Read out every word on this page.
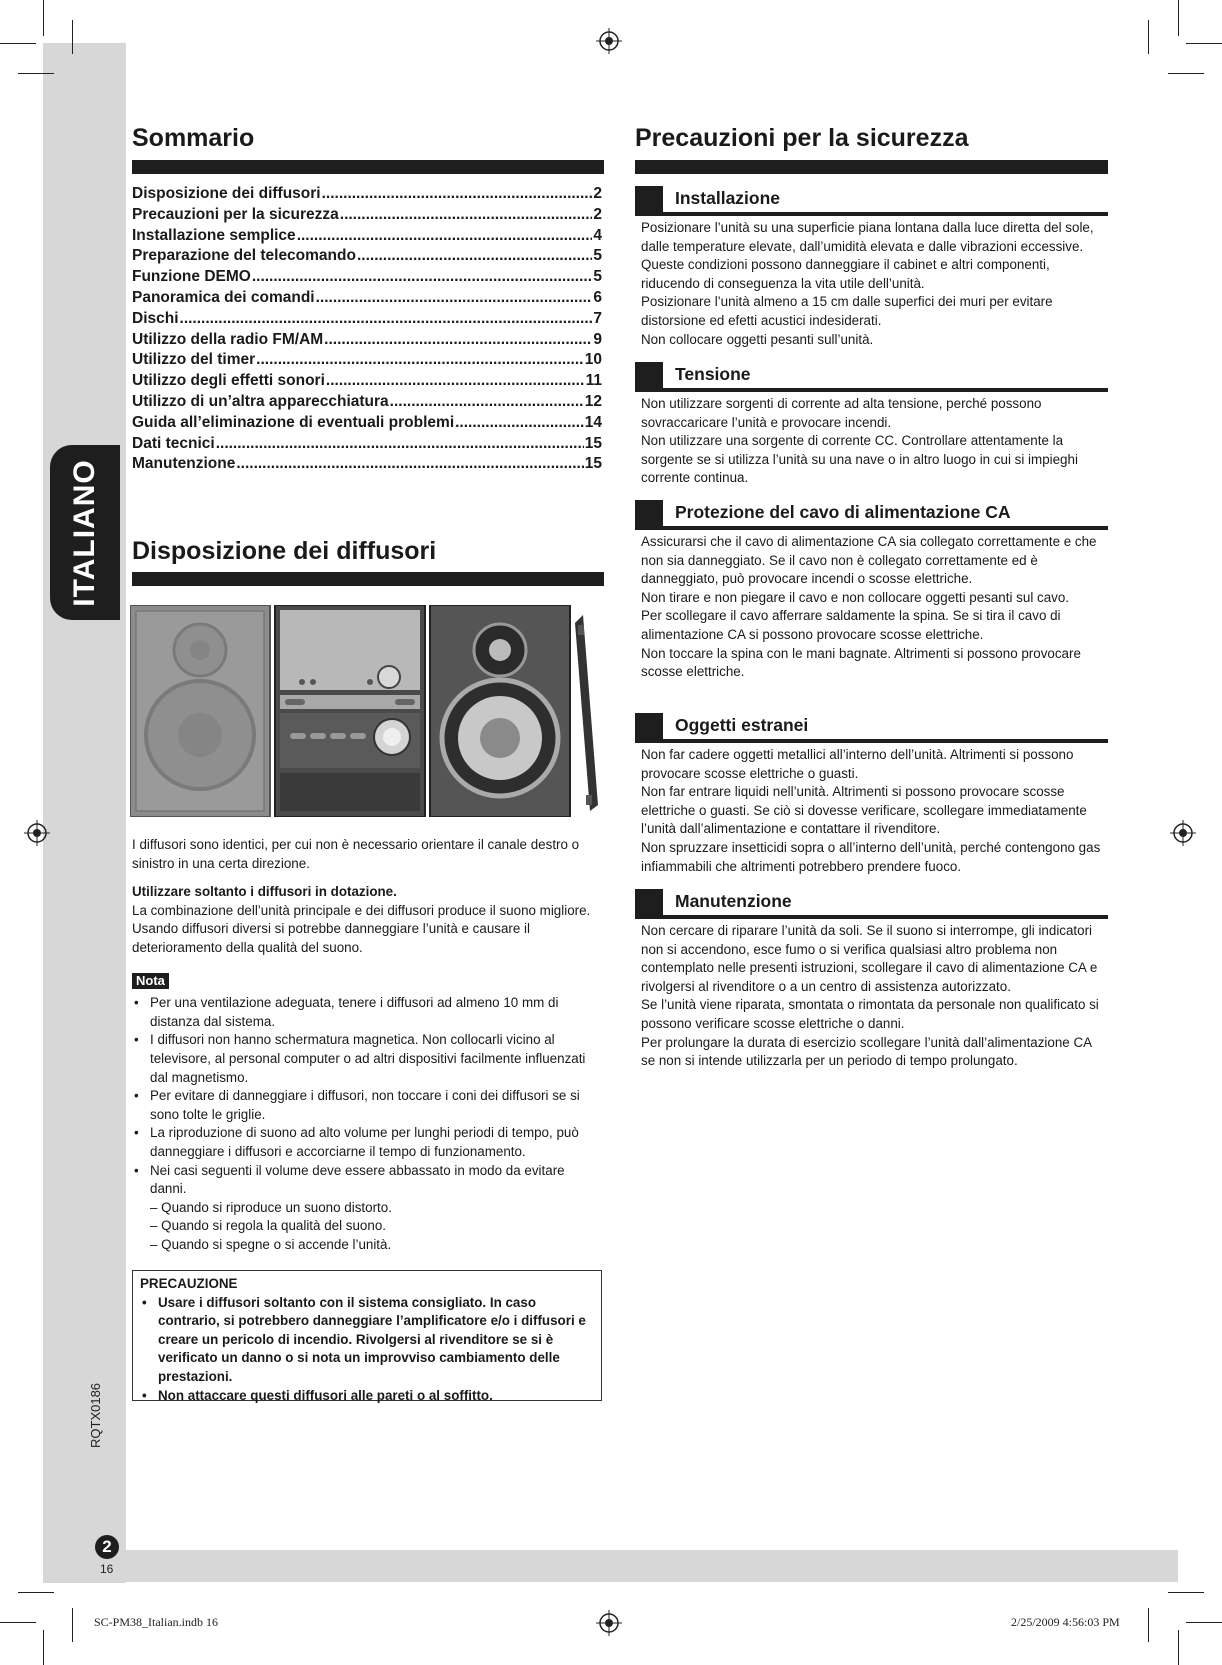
ITALIANO
RQTX0186
2
16
Sommario
Disposizione dei diffusori .....	2
Precauzioni per la sicurezza .....	2
Installazione semplice .....	4
Preparazione del telecomando .....	5
Funzione DEMO .....	5
Panoramica dei comandi .....	6
Dischi .....	7
Utilizzo della radio FM/AM .....	9
Utilizzo del timer .....	10
Utilizzo degli effetti sonori .....	11
Utilizzo di un’altra apparecchiatura .....	12
Guida all’eliminazione di eventuali problemi .....	14
Dati tecnici .....	15
Manutenzione .....	15
Disposizione dei diffusori

I diffusori sono identici, per cui non è necessario orientare il canale destro o sinistro in una certa direzione.

Utilizzare soltanto i diffusori in dotazione.

La combinazione dell’unità principale e dei diffusori produce il suono migliore. Usando diffusori diversi si potrebbe danneggiare l’unità e causare il deterioramento della qualità del suono.

Nota

• Per una ventilazione adeguata, tenere i diffusori ad almeno 10 mm di distanza dal sistema.
• I diffusori non hanno schermatura magnetica. Non collocarli vicino al televisore, al personal computer o ad altri dispositivi facilmente influenzati dal magnetismo.
• Per evitare di danneggiare i diffusori, non toccare i coni dei diffusori se si sono tolte le griglie.
• La riproduzione di suono ad alto volume per lunghi periodi di tempo, può danneggiare i diffusori e accorciarne il tempo di funzionamento.
• Nei casi seguenti il volume deve essere abbassato in modo da evitare danni.
– Quando si riproduce un suono distorto.
– Quando si regola la qualità del suono.
– Quando si spegne o si accende l’unità.
PRECAUZIONE
• Usare i diffusori soltanto con il sistema consigliato. In caso contrario, si potrebbero danneggiare l’amplificatore e/o i diffusori e creare un pericolo di incendio. Rivolgersi al rivenditore se si è verificato un danno o si nota un improvviso cambiamento delle prestazioni.
• Non attaccare questi diffusori alle pareti o al soffitto.
Precauzioni per la sicurezza
Installazione

Posizionare l’unità su una superficie piana lontana dalla luce diretta del sole, dalle temperature elevate, dall’umidità elevata e dalle vibrazioni eccessive. Queste condizioni possono danneggiare il cabinet e altri componenti, riducendo di conseguenza la vita utile dell’unità.

Posizionare l’unità almeno a 15 cm dalle superfici dei muri per evitare distorsione ed efetti acustici indesiderati.

Non collocare oggetti pesanti sull’unità.

Tensione

Non utilizzare sorgenti di corrente ad alta tensione, perché possono sovraccaricare l’unità e provocare incendi.

Non utilizzare una sorgente di corrente CC. Controllare attentamente la sorgente se si utilizza l’unità su una nave o in altro luogo in cui si impieghi corrente continua.

Protezione del cavo di alimentazione CA

Assicurarsi che il cavo di alimentazione CA sia collegato correttamente e che non sia danneggiato. Se il cavo non è collegato correttamente ed è danneggiato, può provocare incendi o scosse elettriche.

Non tirare e non piegare il cavo e non collocare oggetti pesanti sul cavo.

Per scollegare il cavo afferrare saldamente la spina. Se si tira il cavo di alimentazione CA si possono provocare scosse elettriche.

Non toccare la spina con le mani bagnate. Altrimenti si possono provocare scosse elettriche.

Oggetti estranei

Non far cadere oggetti metallici all’interno dell’unità. Altrimenti si possono provocare scosse elettriche o guasti.

Non far entrare liquidi nell’unità. Altrimenti si possono provocare scosse elettriche o guasti. Se ciò si dovesse verificare, scollegare immediatamente l’unità dall’alimentazione e contattare il rivenditore.

Non spruzzare insetticidi sopra o all’interno dell’unità, perché contengono gas infiammabili che altrimenti potrebbero prendere fuoco.

Manutenzione

Non cercare di riparare l’unità da soli. Se il suono si interrompe, gli indicatori non si accendono, esce fumo o si verifica qualsiasi altro problema non contemplato nelle presenti istruzioni, scollegare il cavo di alimentazione CA e rivolgersi al rivenditore o a un centro di assistenza autorizzato.

Se l’unità viene riparata, smontata o rimontata da personale non qualificato si possono verificare scosse elettriche o danni.

Per prolungare la durata di esercizio scollegare l’unità dall’alimentazione CA se non si intende utilizzarla per un periodo di tempo prolungato.

SC-PM38_Italian.indb 16	2/25/2009 4:56:03 PM
